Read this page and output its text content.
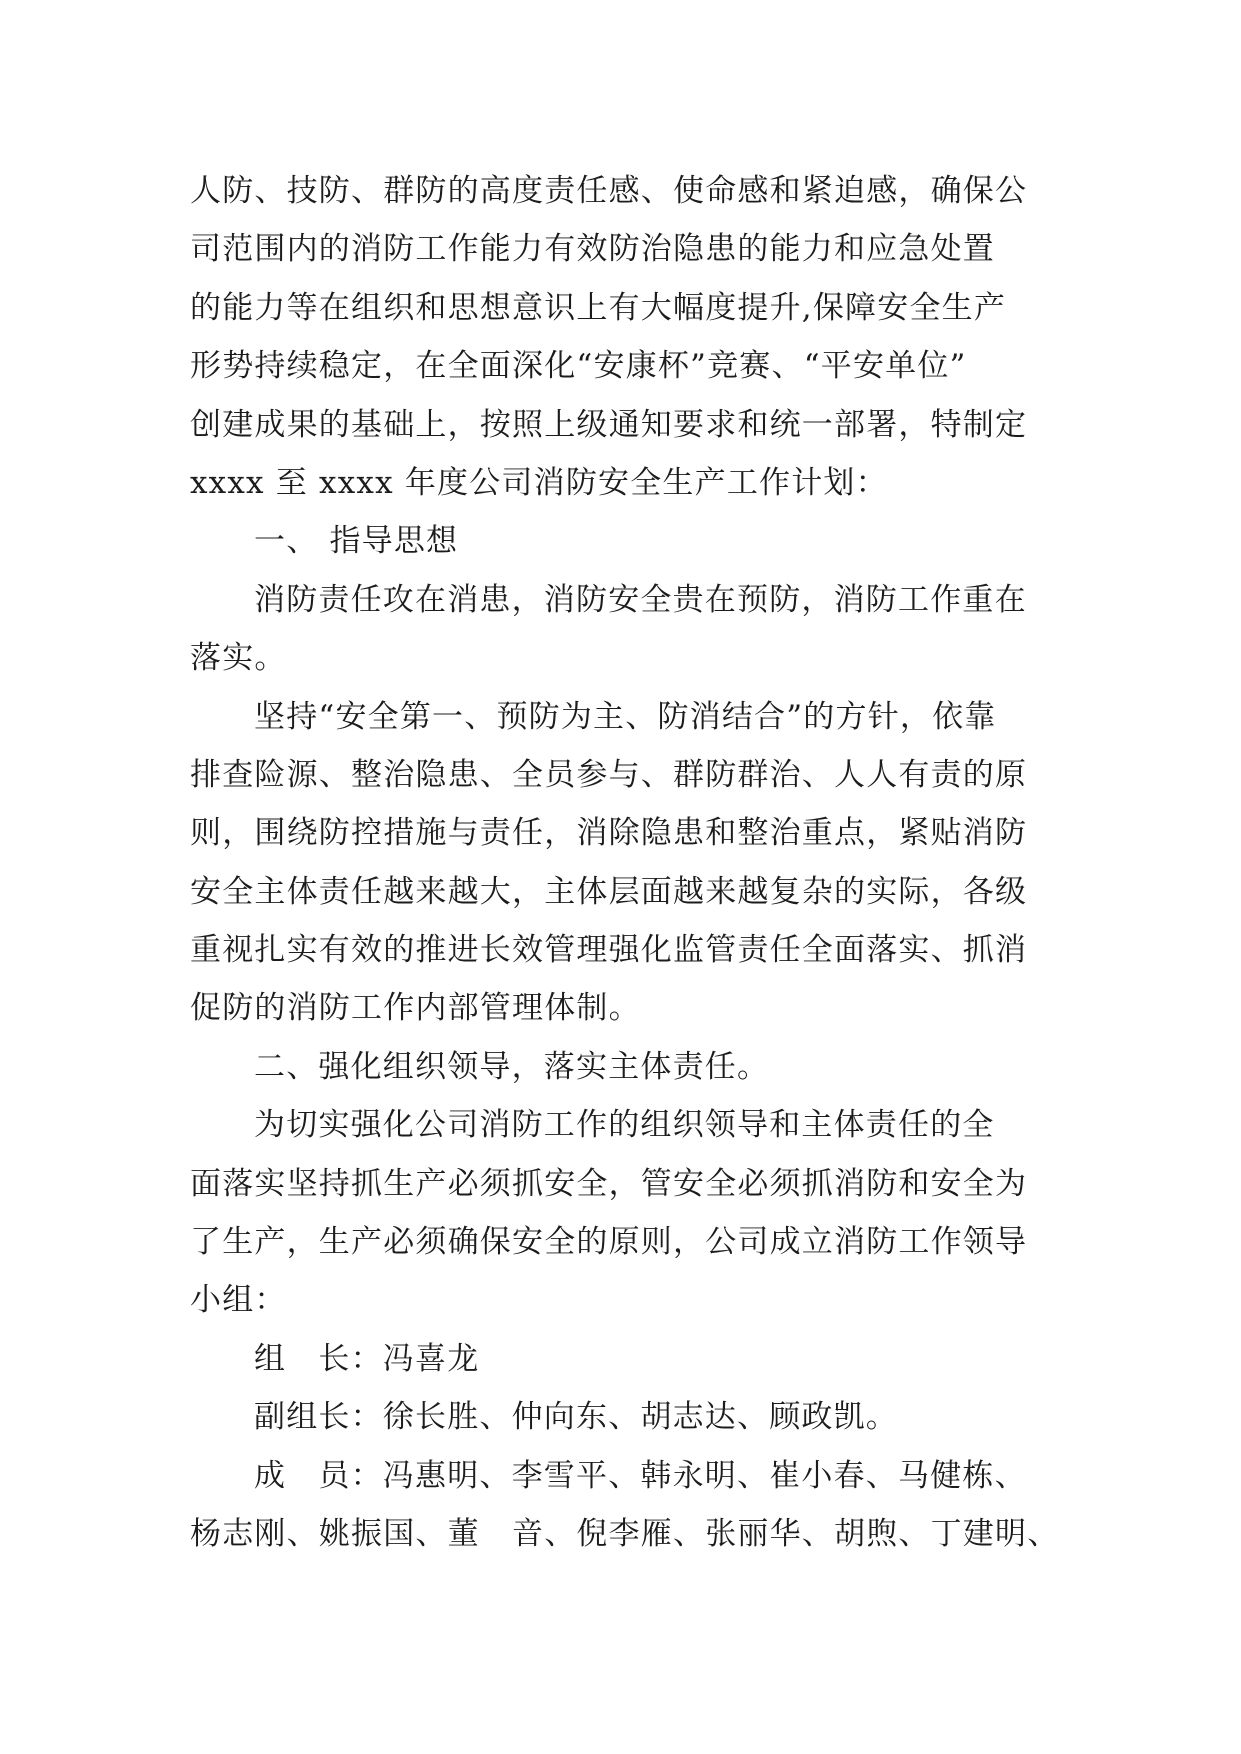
人防、技防、群防的高度责任感、使命感和紧迫感，确保公
司范围内的消防工作能力有效防治隐患的能力和应急处置
的能力等在组织和思想意识上有大幅度提升,保障安全生产
形势持续稳定，在全面深化“安康杯”竞赛、“平安单位”
创建成果的基础上，按照上级通知要求和统一部署，特制定
xxxx 至 xxxx 年度公司消防安全生产工作计划：
一、 指导思想
消防责任攻在消患，消防安全贵在预防，消防工作重在
落实。
坚持“安全第一、预防为主、防消结合”的方针，依靠
排查险源、整治隐患、全员参与、群防群治、人人有责的原
则，围绕防控措施与责任，消除隐患和整治重点，紧贴消防
安全主体责任越来越大，主体层面越来越复杂的实际，各级
重视扎实有效的推进长效管理强化监管责任全面落实、抓消
促防的消防工作内部管理体制。
二、强化组织领导，落实主体责任。
为切实强化公司消防工作的组织领导和主体责任的全
面落实坚持抓生产必须抓安全，管安全必须抓消防和安全为
了生产，生产必须确保安全的原则，公司成立消防工作领导
小组：
组　长：冯喜龙
副组长：徐长胜、仲向东、胡志达、顾政凯。
成　员：冯惠明、李雪平、韩永明、崔小春、马健栋、
杨志刚、姚振国、董　音、倪李雁、张丽华、胡煦、丁建明、
